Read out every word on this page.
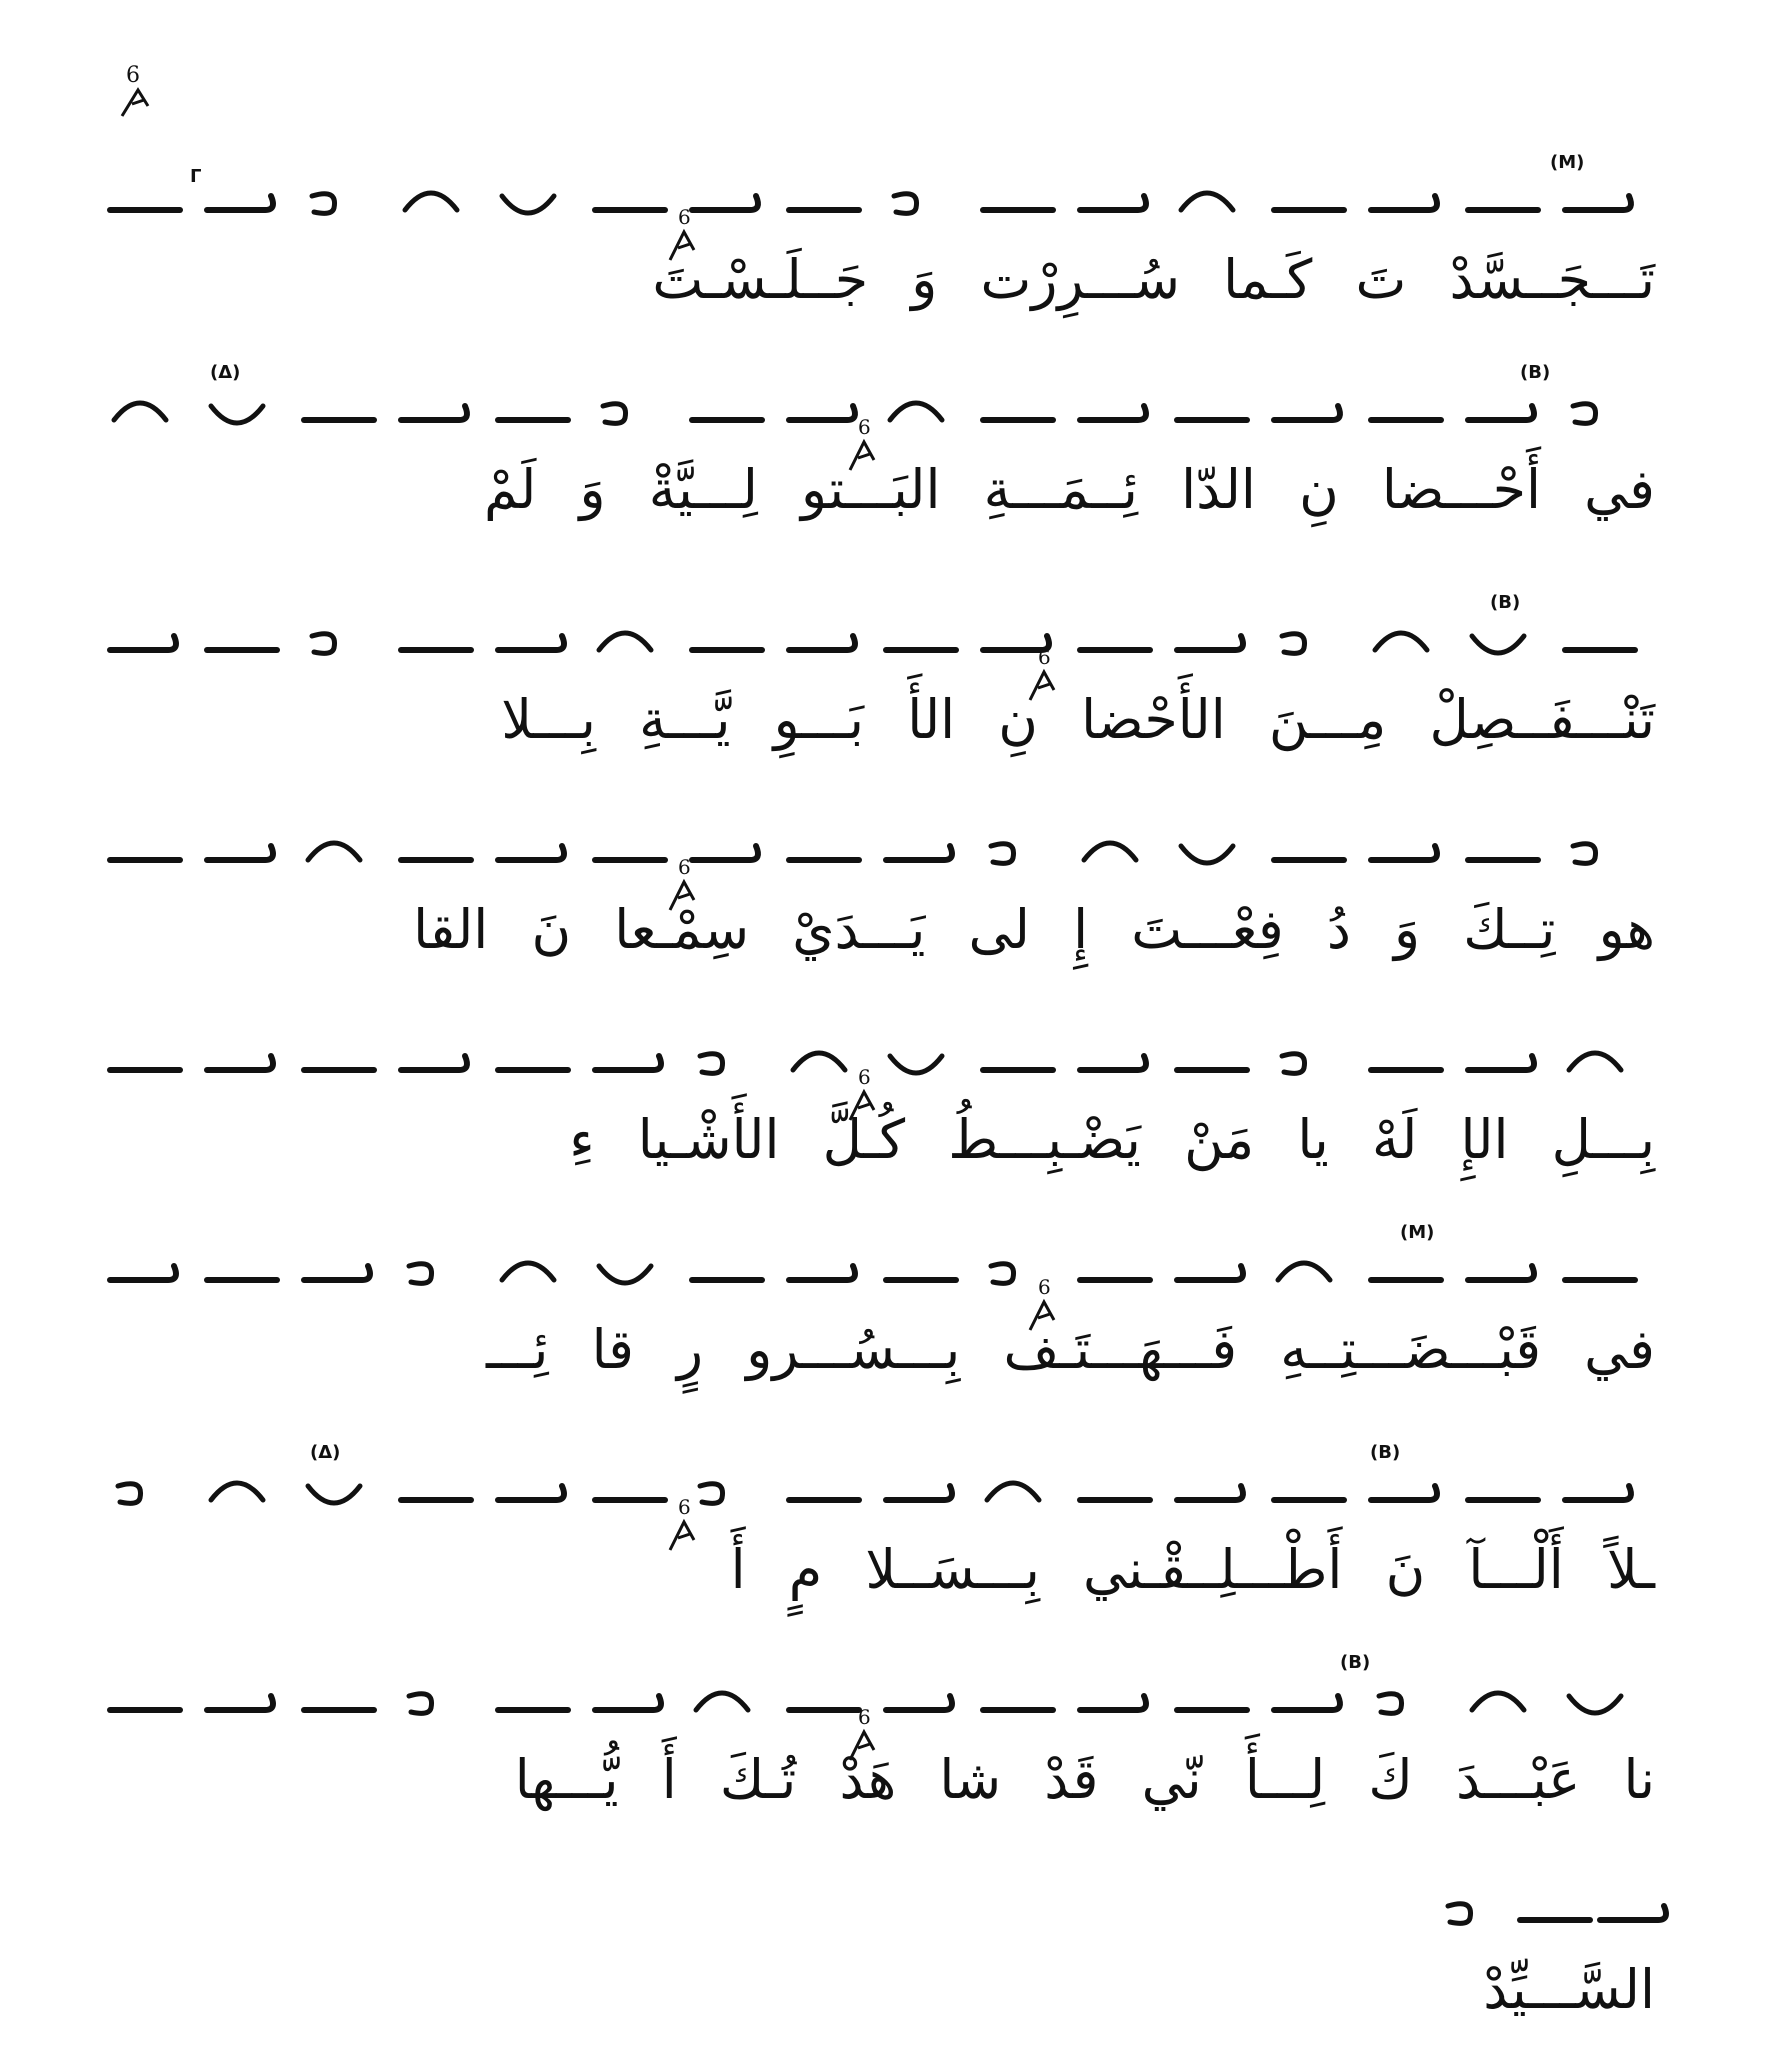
6
6
(Μ)
Γ
تَـــجَــسَّدْ تَ كَـما سُـــرِرْت وَ جَــلَـسْـتَ
6
(Β)
(Δ)
في أَحْـــضا نِ الدّا ئِــمَـــةِ البَـــتو لِـــيَّةْ وَ لَمْ
6
(Β)
تَنْـــفَــصِلْ مِـــنَ الأَحْضا نِ الأَ بَـــوِ يَّـــةِ بِـــلا
6
هو تِــكَ وَ دُ فِعْـــتَ إِ لى يَـــدَيْ سِمْـعا نَ القا
6
بِـــلِ الإِ لَهْ يا مَنْ يَضْـبِـــطُ كُـلَّ الأَشْـيا ءِ
6
(Μ)
في قَبْـــضَـــتِــهِ فَـــهَـــتَـف بِـــسُـــرو رٍ قا ئِـــ
6
(Β)
(Δ)
ـلاً أَلْـــآ نَ أَطْـــلِــقْـني بِـــسَــلا مٍ أَ
6
(Β)
نا عَبْـــدَ كَ لِـــأَ نّي قَدْ شا هَدْ تُـكَ أَ يُّـــها
السَّـــيِّدْ
